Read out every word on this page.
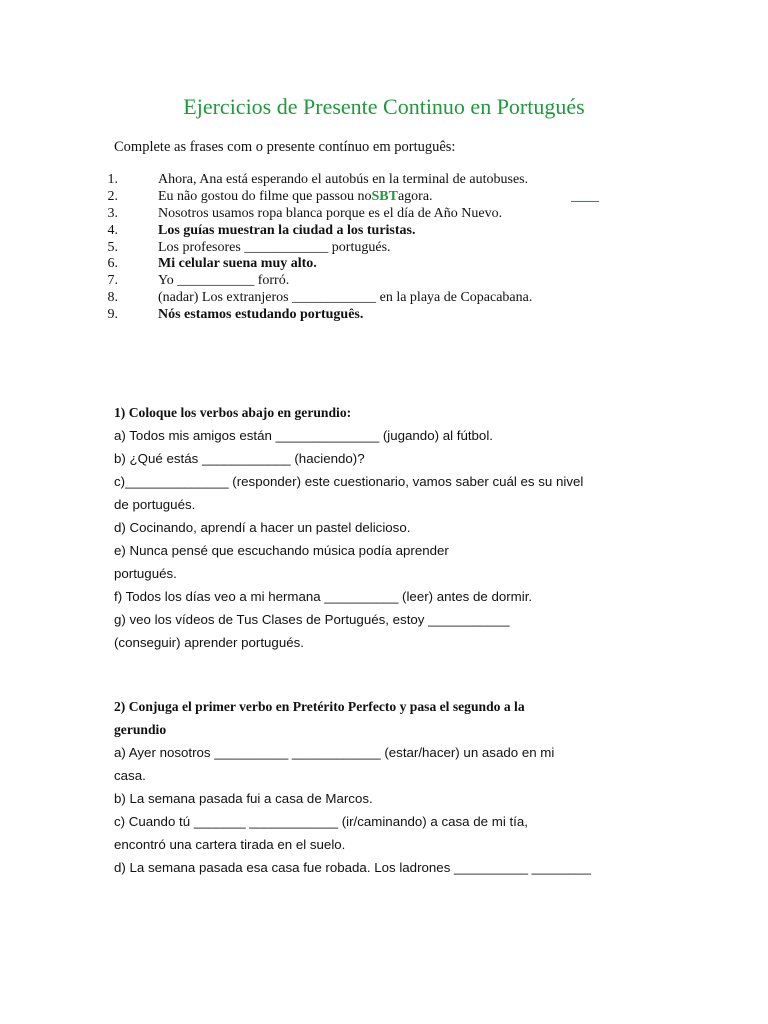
Ejercicios de Presente Continuo en Portugués
Complete as frases com o presente contínuo em português:
1.	Ahora, Ana está esperando el autobús en la terminal de autobuses.
2.	Eu não gostou do filme que passou noSBTagora.	____
3.	Nosotros usamos ropa blanca porque es el día de Año Nuevo.
4.	Los guías muestran la ciudad a los turistas.
5.	Los profesores ____________ portugués.
6.	Mi celular suena muy alto.
7.	Yo ___________ forró.
8.	(nadar) Los extranjeros ____________ en la playa de Copacabana.
9.	Nós estamos estudando português.
1) Coloque los verbos abajo en gerundio:
a) Todos mis amigos están ______________ (jugando) al fútbol.
b) ¿Qué estás ____________ (haciendo)?
c)______________ (responder) este cuestionario, vamos saber cuál es su nivel
de portugués.
d) Cocinando, aprendí a hacer un pastel delicioso.
e) Nunca pensé que escuchando música podía aprender
portugués.
f) Todos los días veo a mi hermana __________ (leer) antes de dormir.
g) veo los vídeos de Tus Clases de Portugués, estoy ___________
(conseguir) aprender portugués.
2) Conjuga el primer verbo en Pretérito Perfecto y pasa el segundo a la
gerundio
a) Ayer nosotros __________ ____________ (estar/hacer) un asado en mi
casa.
b) La semana pasada fui a casa de Marcos.
c) Cuando tú _______ ____________ (ir/caminando) a casa de mi tía,
encontró una cartera tirada en el suelo.
d) La semana pasada esa casa fue robada. Los ladrones __________ ________
